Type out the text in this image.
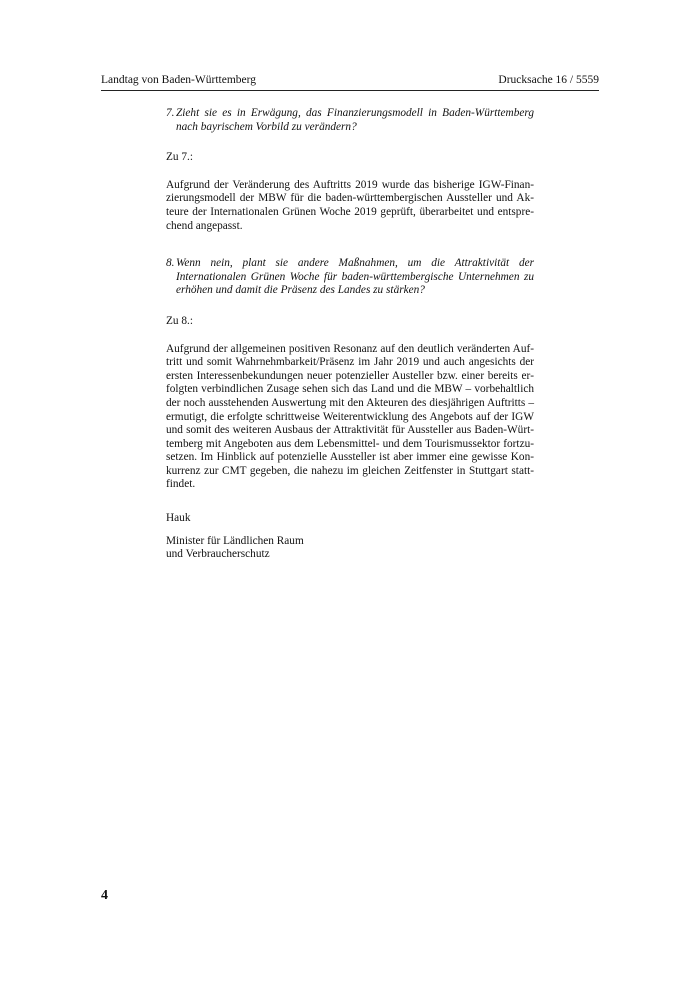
Landtag von Baden-Württemberg	Drucksache 16 / 5559
7. Zieht sie es in Erwägung, das Finanzierungsmodell in Baden-Württemberg nach bayrischem Vorbild zu verändern?

Zu 7.:

Aufgrund der Veränderung des Auftritts 2019 wurde das bisherige IGW-Finanzierungsmodell der MBW für die baden-württembergischen Aussteller und Akteure der Internationalen Grünen Woche 2019 geprüft, überarbeitet und entsprechend angepasst.

8. Wenn nein, plant sie andere Maßnahmen, um die Attraktivität der Internationalen Grünen Woche für baden-württembergische Unternehmen zu erhöhen und damit die Präsenz des Landes zu stärken?

Zu 8.:

Aufgrund der allgemeinen positiven Resonanz auf den deutlich veränderten Auftritt und somit Wahrnehmbarkeit/Präsenz im Jahr 2019 und auch angesichts der ersten Interessenbekundungen neuer potenzieller Austeller bzw. einer bereits erfolgten verbindlichen Zusage sehen sich das Land und die MBW – vorbehaltlich der noch ausstehenden Auswertung mit den Akteuren des diesjährigen Auftritts – ermutigt, die erfolgte schrittweise Weiterentwicklung des Angebots auf der IGW und somit des weiteren Ausbaus der Attraktivität für Aussteller aus Baden-Württemberg mit Angeboten aus dem Lebensmittel- und dem Tourismussektor fortzusetzen. Im Hinblick auf potenzielle Aussteller ist aber immer eine gewisse Konkurrenz zur CMT gegeben, die nahezu im gleichen Zeitfenster in Stuttgart stattfindet.

Hauk

Minister für Ländlichen Raum

und Verbraucherschutz

4
